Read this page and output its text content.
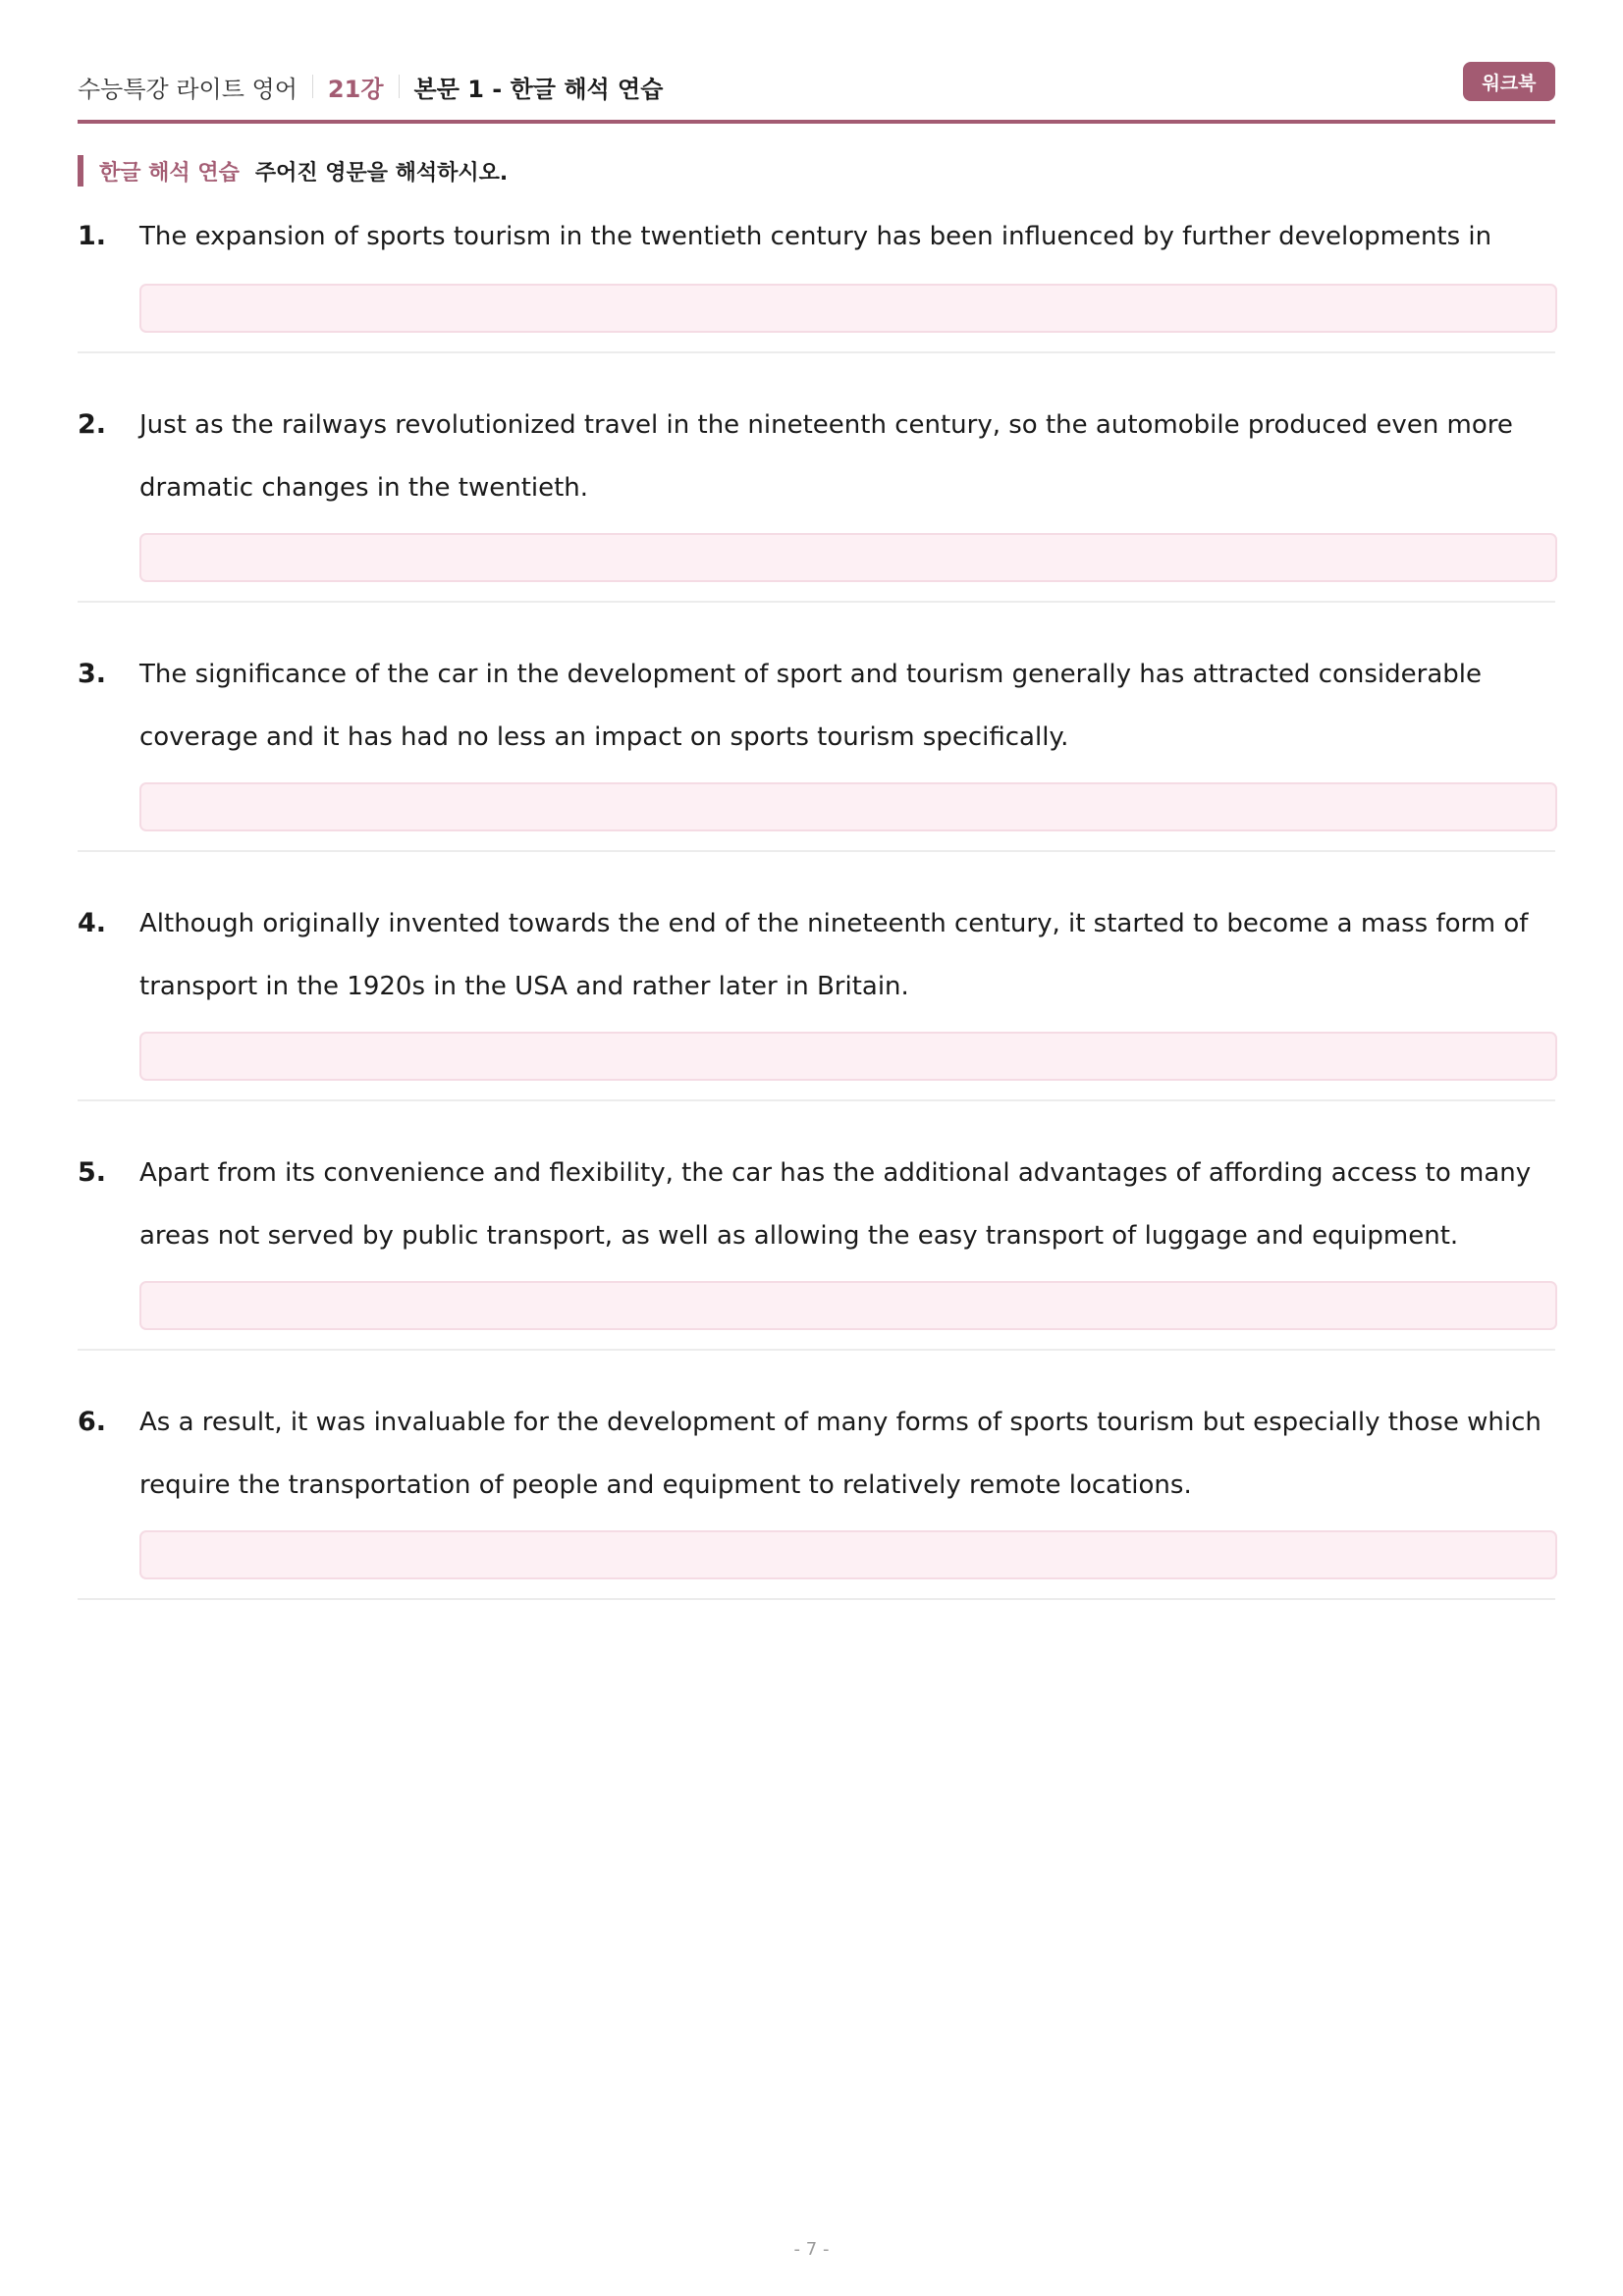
수능특강 라이트 영어 21강 본문 1 - 한글 해석 연습	워크북
한글 해석 연습 주어진 영문을 해석하시오.
1. The expansion of sports tourism in the twentieth century has been influenced by further developments in
2. Just as the railways revolutionized travel in the nineteenth century, so the automobile produced even more dramatic changes in the twentieth.
3. The significance of the car in the development of sport and tourism generally has attracted considerable coverage and it has had no less an impact on sports tourism specifically.
4. Although originally invented towards the end of the nineteenth century, it started to become a mass form of transport in the 1920s in the USA and rather later in Britain.
5. Apart from its convenience and flexibility, the car has the additional advantages of affording access to many areas not served by public transport, as well as allowing the easy transport of luggage and equipment.
6. As a result, it was invaluable for the development of many forms of sports tourism but especially those which require the transportation of people and equipment to relatively remote locations.
- 7 -
